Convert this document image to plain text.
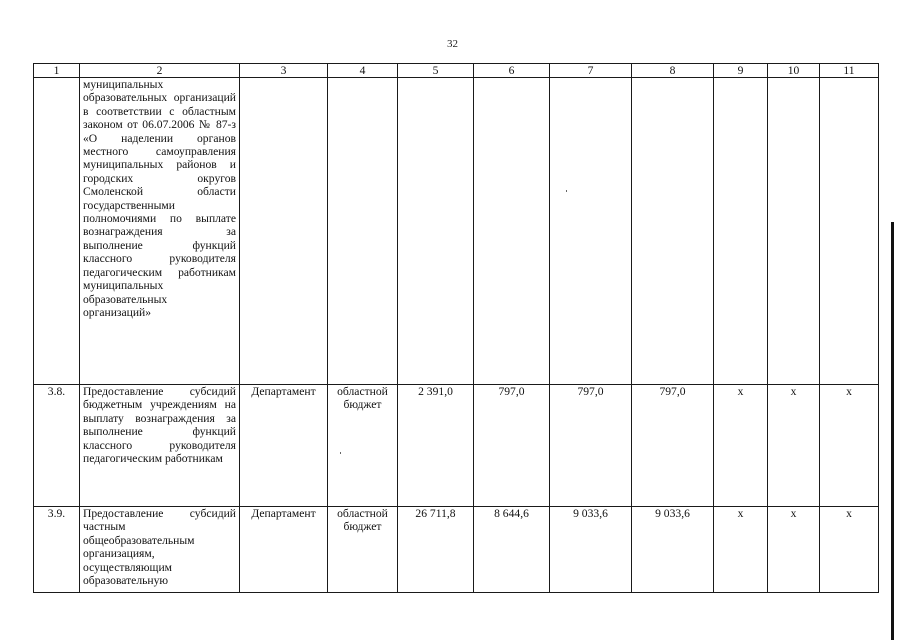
32
1	2	3	4	5	6	7	8	9	10	11
	муниципальных образовательных организаций в соответствии с областным законом от 06.07.2006 № 87-з «О наделении органов местного самоуправления муниципальных районов и городских округов Смоленской области государственными полномочиями по выплате вознаграждения за выполнение функций классного руководителя педагогическим работникам муниципальных образовательных организаций»									
3.8.	Предоставление субсидий бюджетным учреждениям на выплату вознаграждения за выполнение функций классного руководителя педагогическим работникам	Департамент	областной бюджет	2 391,0	797,0	797,0	797,0	х	х	х
3.9.	Предоставление субсидий частным общеобразовательным организациям, осуществляющим образовательную	Департамент	областной бюджет	26 711,8	8 644,6	9 033,6	9 033,6	х	х	х
